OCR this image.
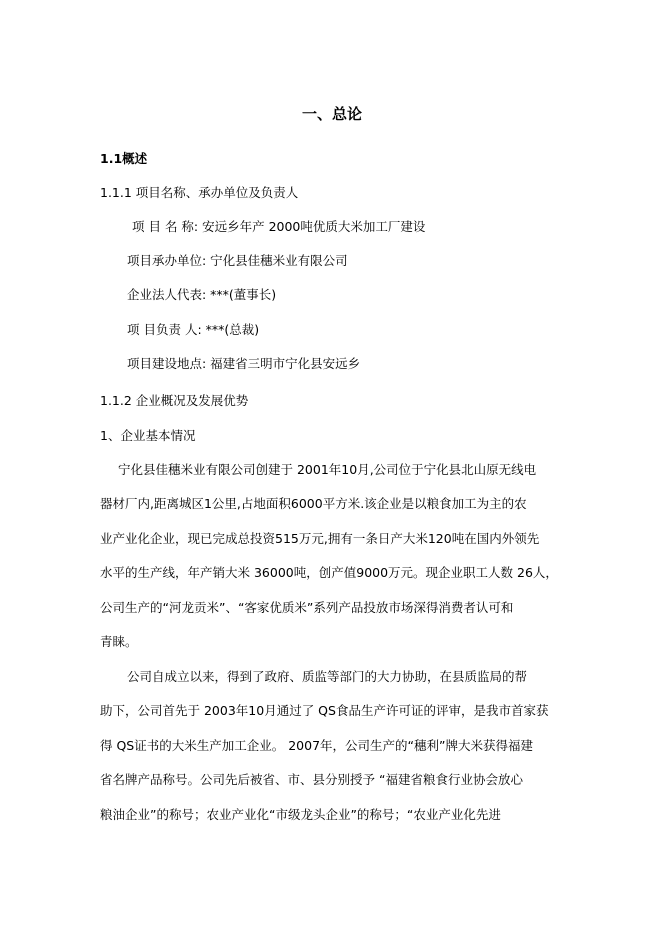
一、总论
1.1概述
1.1.1 项目名称、承办单位及负责人
项 目 名 称: 安远乡年产 2000吨优质大米加工厂建设
项目承办单位: 宁化县佳穗米业有限公司
企业法人代表: ***(董事长)
项 目负责 人: ***(总裁)
项目建设地点: 福建省三明市宁化县安远乡
1.1.2 企业概况及发展优势
1、企业基本情况
宁化县佳穗米业有限公司创建于 2001年10月,公司位于宁化县北山原无线电
器材厂内,距离城区1公里,占地面积6000平方米.该企业是以粮食加工为主的农
业产业化企业，现已完成总投资515万元,拥有一条日产大米120吨在国内外领先
水平的生产线，年产销大米 36000吨，创产值9000万元。现企业职工人数 26人，
公司生产的“河龙贡米”、“客家优质米”系列产品投放市场深得消费者认可和
青睐。
公司自成立以来，得到了政府、质监等部门的大力协助，在县质监局的帮
助下，公司首先于 2003年10月通过了 QS食品生产许可证的评审，是我市首家获
得 QS证书的大米生产加工企业。 2007年，公司生产的“穗利”牌大米获得福建
省名牌产品称号。公司先后被省、市、县分别授予 “福建省粮食行业协会放心
粮油企业”的称号；农业产业化“市级龙头企业”的称号；“农业产业化先进
